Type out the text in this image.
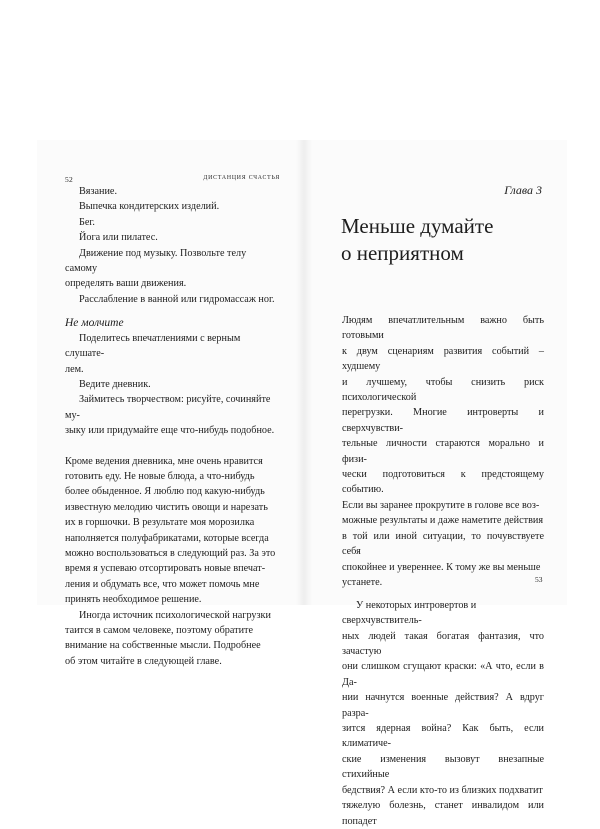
52	ДИСТАНЦИЯ СЧАСТЬЯ

Вязание.

Выпечка кондитерских изделий.

Бег.

Йога или пилатес.

Движение под музыку. Позвольте телу самому

определять ваши движения.

Расслабление в ванной или гидромассаж ног.

Не молчите

Поделитесь впечатлениями с верным слушате-

лем.

Ведите дневник.

Займитесь творчеством: рисуйте, сочиняйте му-

зыку или придумайте еще что-нибудь подобное.

Кроме ведения дневника, мне очень нравится

готовить еду. Не новые блюда, а что-нибудь

более обыденное. Я люблю под какую-нибудь

известную мелодию чистить овощи и нарезать

их в горшочки. В результате моя морозилка

наполняется полуфабрикатами, которые всегда

можно воспользоваться в следующий раз. За это

время я успеваю отсортировать новые впечат-

ления и обдумать все, что может помочь мне

принять необходимое решение.

Иногда источник психологической нагрузки

таится в самом человеке, поэтому обратите

внимание на собственные мысли. Подробнее

об этом читайте в следующей главе.

Глава 3
Меньше думайте
о неприятном

Людям впечатлительным важно быть готовыми

к двум сценариям развития событий – худшему

и лучшему, чтобы снизить риск психологической

перегрузки. Многие интроверты и сверхчувстви-

тельные личности стараются морально и физи-

чески подготовиться к предстоящему событию.

Если вы заранее прокрутите в голове все воз-

можные результаты и даже наметите действия

в той или иной ситуации, то почувствуете себя

спокойнее и увереннее. К тому же вы меньше

устанете.

У некоторых интровертов и сверхчувствитель-

ных людей такая богатая фантазия, что зачастую

они слишком сгущают краски: «А что, если в Да-

нии начнутся военные действия? А вдруг разра-

зится ядерная война? Как быть, если климатиче-

ские изменения вызовут внезапные стихийные

бедствия? А если кто-то из близких подхватит

тяжелую болезнь, станет инвалидом или попадет

53
